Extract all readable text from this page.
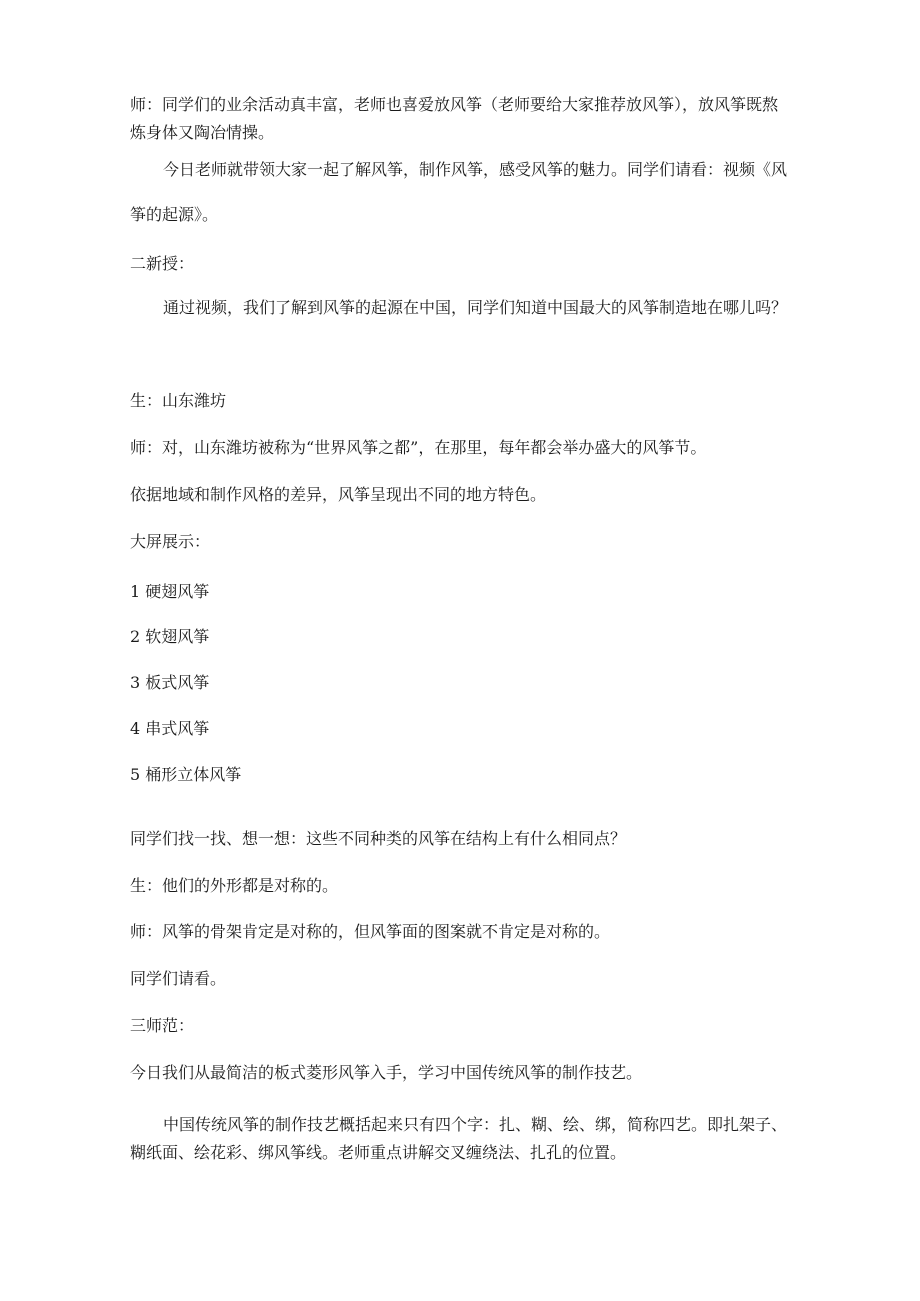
师：同学们的业余活动真丰富，老师也喜爱放风筝（老师要给大家推荐放风筝），放风筝既熬炼身体又陶冶情操。

今日老师就带领大家一起了解风筝，制作风筝，感受风筝的魅力。同学们请看：视频《风筝的起源》。

二新授：

通过视频，我们了解到风筝的起源在中国，同学们知道中国最大的风筝制造地在哪儿吗？

生：山东潍坊

师：对，山东潍坊被称为“世界风筝之都”，在那里，每年都会举办盛大的风筝节。

依据地域和制作风格的差异，风筝呈现出不同的地方特色。

大屏展示：

1 硬翅风筝

2 软翅风筝

3 板式风筝

4 串式风筝

5 桶形立体风筝

同学们找一找、想一想：这些不同种类的风筝在结构上有什么相同点？

生：他们的外形都是对称的。

师：风筝的骨架肯定是对称的，但风筝面的图案就不肯定是对称的。

同学们请看。

三师范：

今日我们从最简洁的板式菱形风筝入手，学习中国传统风筝的制作技艺。

中国传统风筝的制作技艺概括起来只有四个字：扎、糊、绘、绑，简称四艺。即扎架子、糊纸面、绘花彩、绑风筝线。老师重点讲解交叉缠绕法、扎孔的位置。
